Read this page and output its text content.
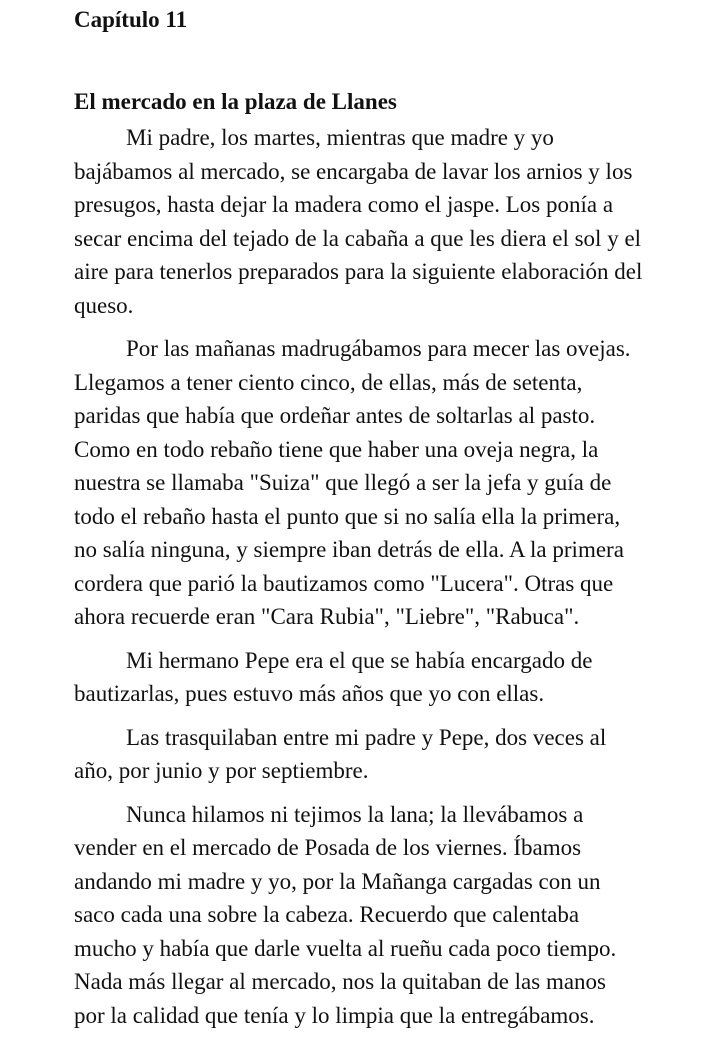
Capítulo 11
El mercado en la plaza de Llanes

Mi padre, los martes, mientras que madre y yo
bajábamos al mercado, se encargaba de lavar los arnios y los
presugos, hasta dejar la madera como el jaspe. Los ponía a
secar encima del tejado de la cabaña a que les diera el sol y el
aire para tenerlos preparados para la siguiente elaboración del
queso.

Por las mañanas madrugábamos para mecer las ovejas.
Llegamos a tener ciento cinco, de ellas, más de setenta,
paridas que había que ordeñar antes de soltarlas al pasto.
Como en todo rebaño tiene que haber una oveja negra, la
nuestra se llamaba "Suiza" que llegó a ser la jefa y guía de
todo el rebaño hasta el punto que si no salía ella la primera,
no salía ninguna, y siempre iban detrás de ella. A la primera
cordera que parió la bautizamos como "Lucera". Otras que
ahora recuerde eran "Cara Rubia", "Liebre", "Rabuca".

Mi hermano Pepe era el que se había encargado de
bautizarlas, pues estuvo más años que yo con ellas.

Las trasquilaban entre mi padre y Pepe, dos veces al
año, por junio y por septiembre.

Nunca hilamos ni tejimos la lana; la llevábamos a
vender en el mercado de Posada de los viernes. Íbamos
andando mi madre y yo, por la Mañanga cargadas con un
saco cada una sobre la cabeza. Recuerdo que calentaba
mucho y había que darle vuelta al rueñu cada poco tiempo.
Nada más llegar al mercado, nos la quitaban de las manos
por la calidad que tenía y lo limpia que la entregábamos.
